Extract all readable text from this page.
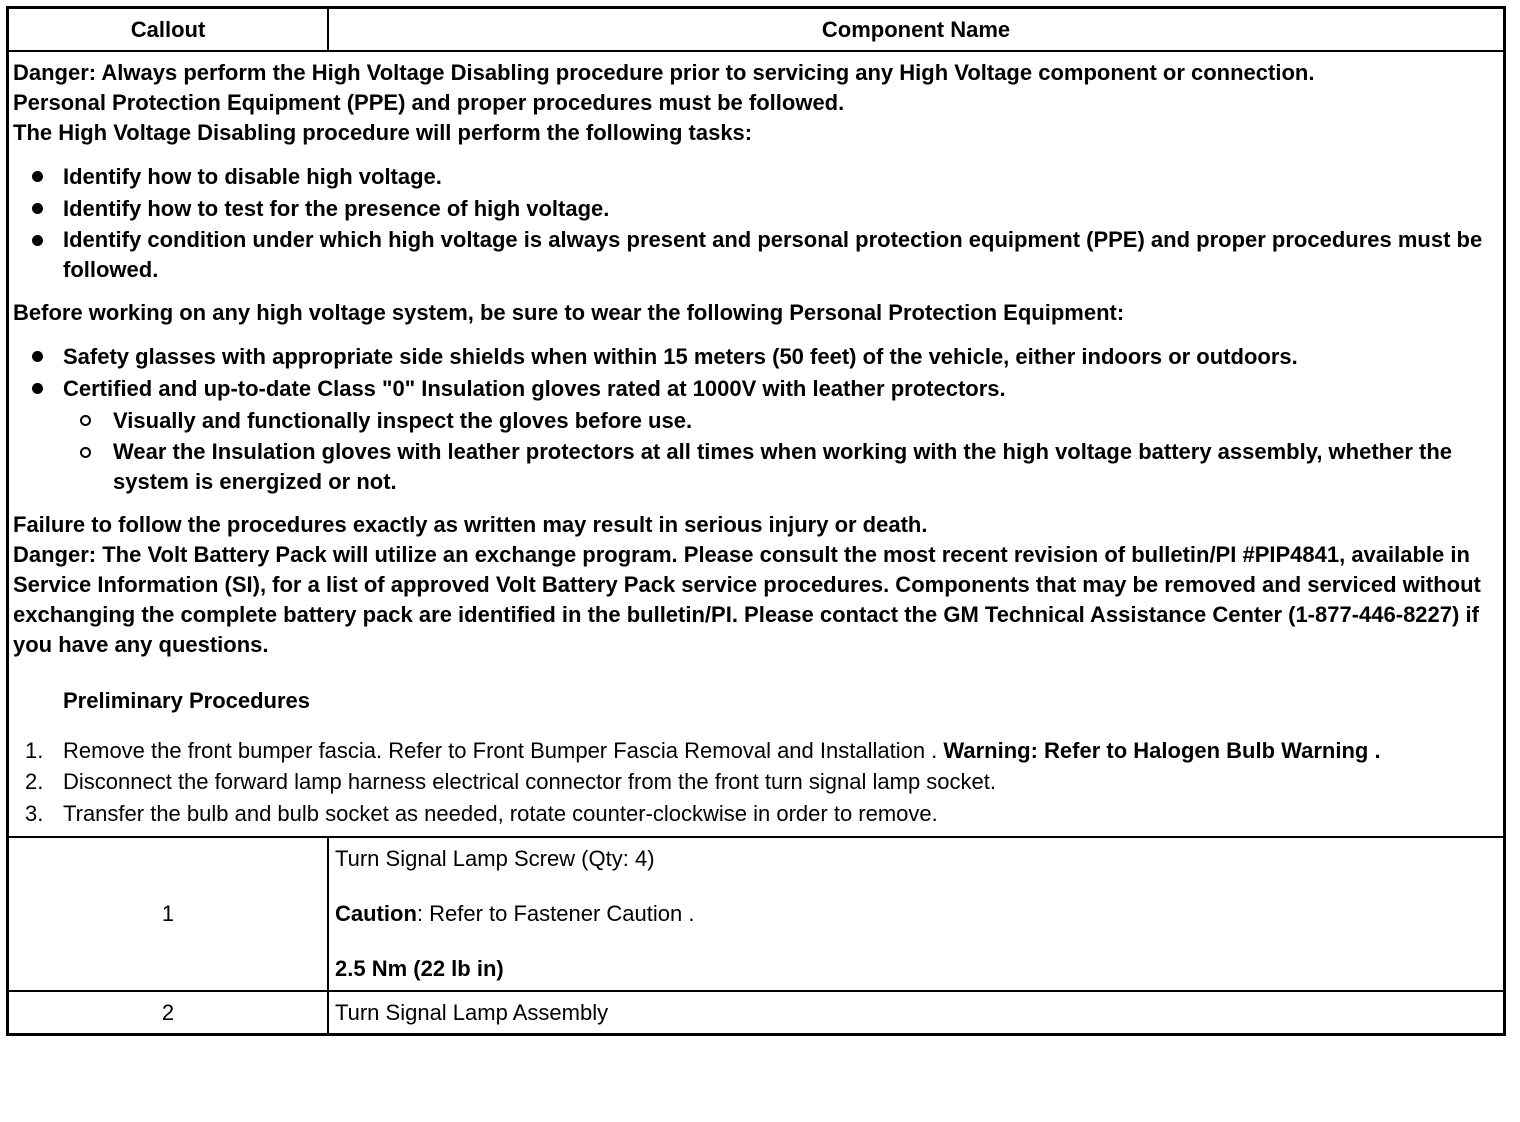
Callout	Component Name

Danger: Always perform the High Voltage Disabling procedure prior to servicing any High Voltage component or connection.

Personal Protection Equipment (PPE) and proper procedures must be followed.

The High Voltage Disabling procedure will perform the following tasks:

Identify how to disable high voltage.
Identify how to test for the presence of high voltage.
Identify condition under which high voltage is always present and personal protection equipment (PPE) and proper procedures must be followed.

Before working on any high voltage system, be sure to wear the following Personal Protection Equipment:

Safety glasses with appropriate side shields when within 15 meters (50 feet) of the vehicle, either indoors or outdoors.
Certified and up-to-date Class "0" Insulation gloves rated at 1000V with leather protectors.
Visually and functionally inspect the gloves before use.
Wear the Insulation gloves with leather protectors at all times when working with the high voltage battery assembly, whether the system is energized or not.

Failure to follow the procedures exactly as written may result in serious injury or death.

Danger: The Volt Battery Pack will utilize an exchange program. Please consult the most recent revision of bulletin/PI #PIP4841, available in Service Information (SI), for a list of approved Volt Battery Pack service procedures. Components that may be removed and serviced without exchanging the complete battery pack are identified in the bulletin/PI. Please contact the GM Technical Assistance Center (1-877-446-8227) if you have any questions.

Preliminary Procedures
1. Remove the front bumper fascia. Refer to Front Bumper Fascia Removal and Installation . Warning: Refer to Halogen Bulb Warning .
2. Disconnect the forward lamp harness electrical connector from the front turn signal lamp socket.
3. Transfer the bulb and bulb socket as needed, rotate counter-clockwise in order to remove.
1

Turn Signal Lamp Screw (Qty: 4)

Caution: Refer to Fastener Caution .

2.5 Nm (22 lb in)

2	Turn Signal Lamp Assembly
